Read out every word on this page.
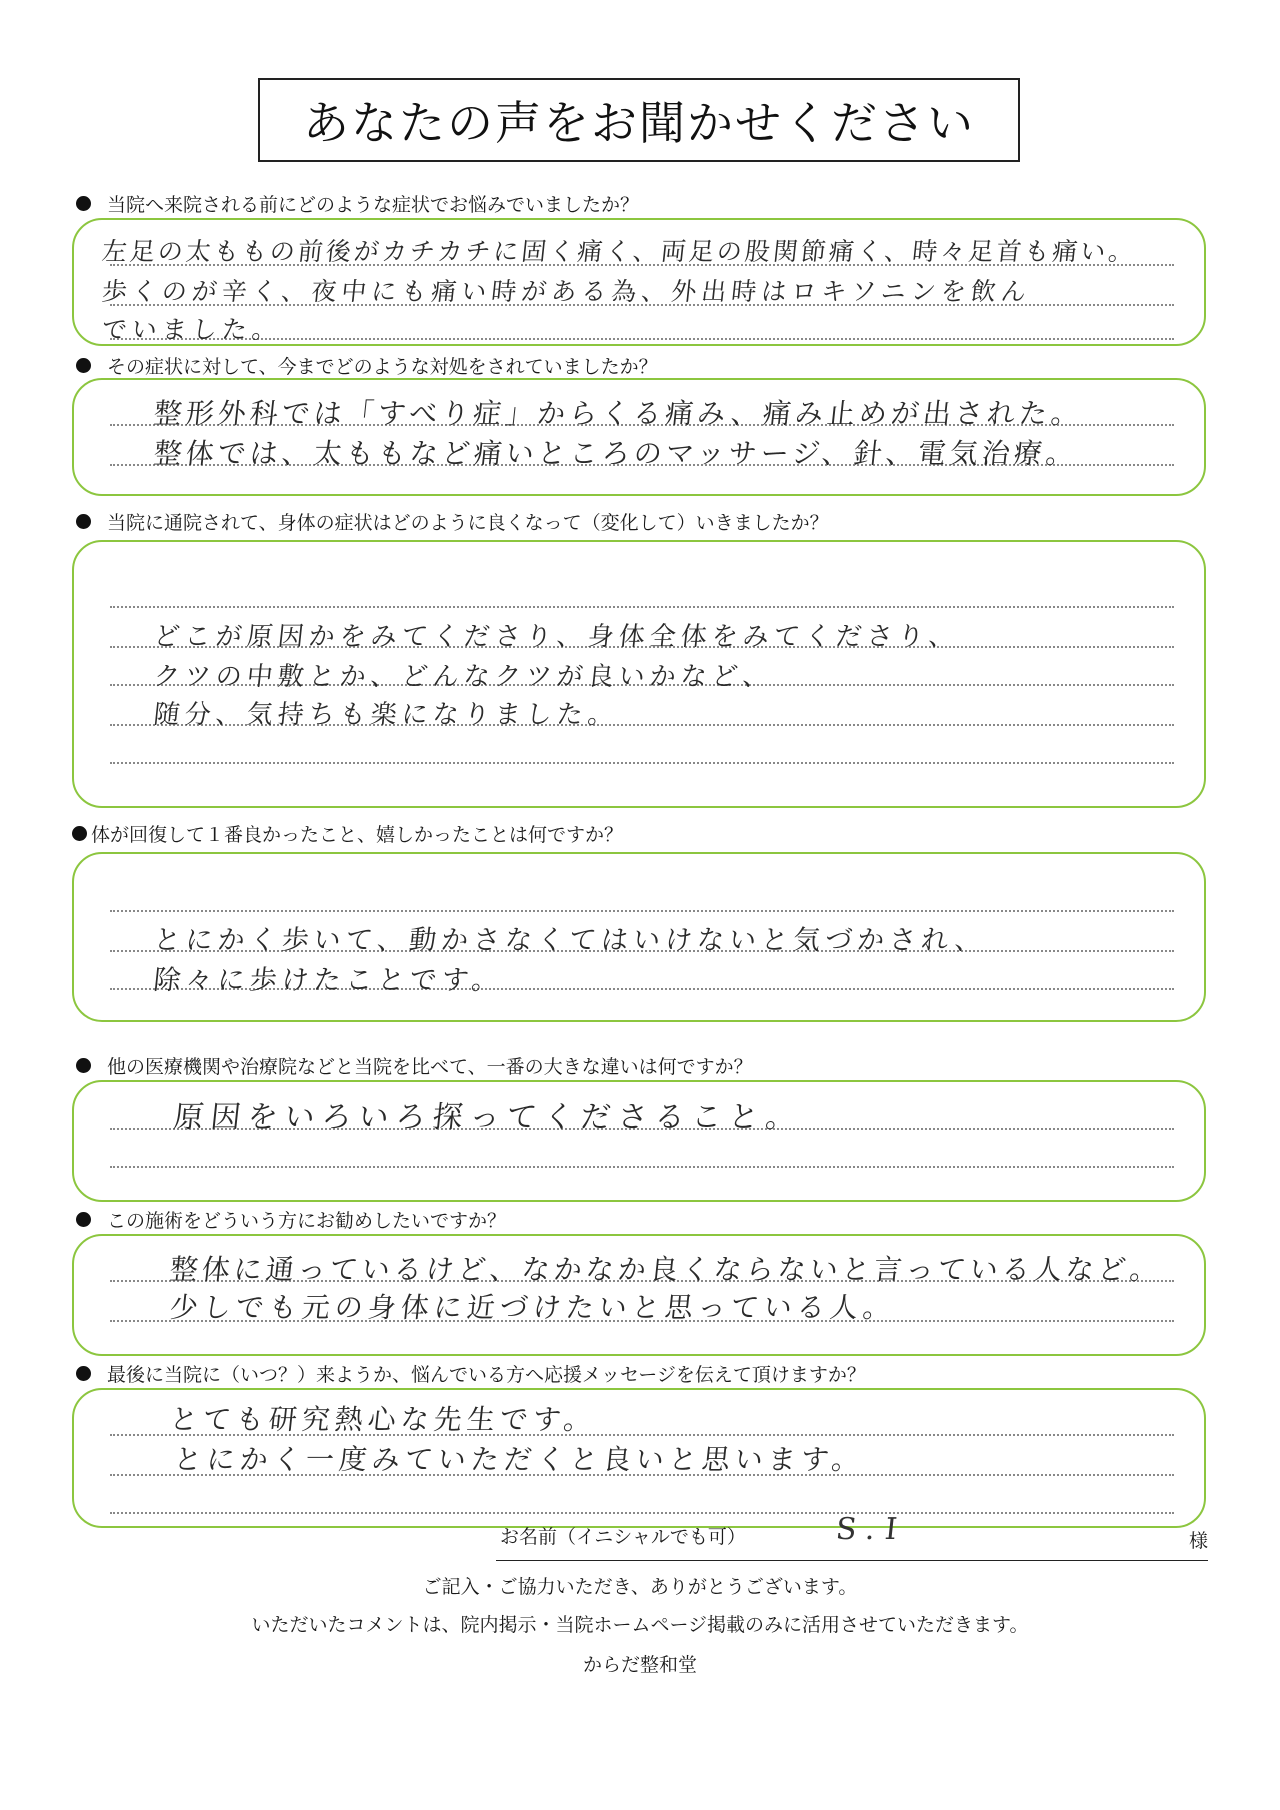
あなたの声をお聞かせください
当院へ来院される前にどのような症状でお悩みでいましたか？
左足の太ももの前後がカチカチに固く痛く、両足の股関節痛く、時々足首も痛い。
歩くのが辛く、夜中にも痛い時がある為、外出時はロキソニンを飲ん
でいました。
その症状に対して、今までどのような対処をされていましたか？
整形外科では「すべり症」からくる痛み、痛み止めが出された。
整体では、太ももなど痛いところのマッサージ、針、電気治療。
当院に通院されて、身体の症状はどのように良くなって（変化して）いきましたか？
どこが原因かをみてくださり、身体全体をみてくださり、
クツの中敷とか、どんなクツが良いかなど、
随分、気持ちも楽になりました。
体が回復して１番良かったこと、嬉しかったことは何ですか？
とにかく歩いて、動かさなくてはいけないと気づかされ、
除々に歩けたことです。
他の医療機関や治療院などと当院を比べて、一番の大きな違いは何ですか？
原因をいろいろ探ってくださること。
この施術をどういう方にお勧めしたいですか？
整体に通っているけど、なかなか良くならないと言っている人など。
少しでも元の身体に近づけたいと思っている人。
最後に当院に（いつ？）来ようか、悩んでいる方へ応援メッセージを伝えて頂けますか？
とても研究熱心な先生です。
とにかく一度みていただくと良いと思います。
お名前（イニシャルでも可）	S.I	様
ご記入・ご協力いただき、ありがとうございます。
いただいたコメントは、院内掲示・当院ホームページ掲載のみに活用させていただきます。
からだ整和堂
